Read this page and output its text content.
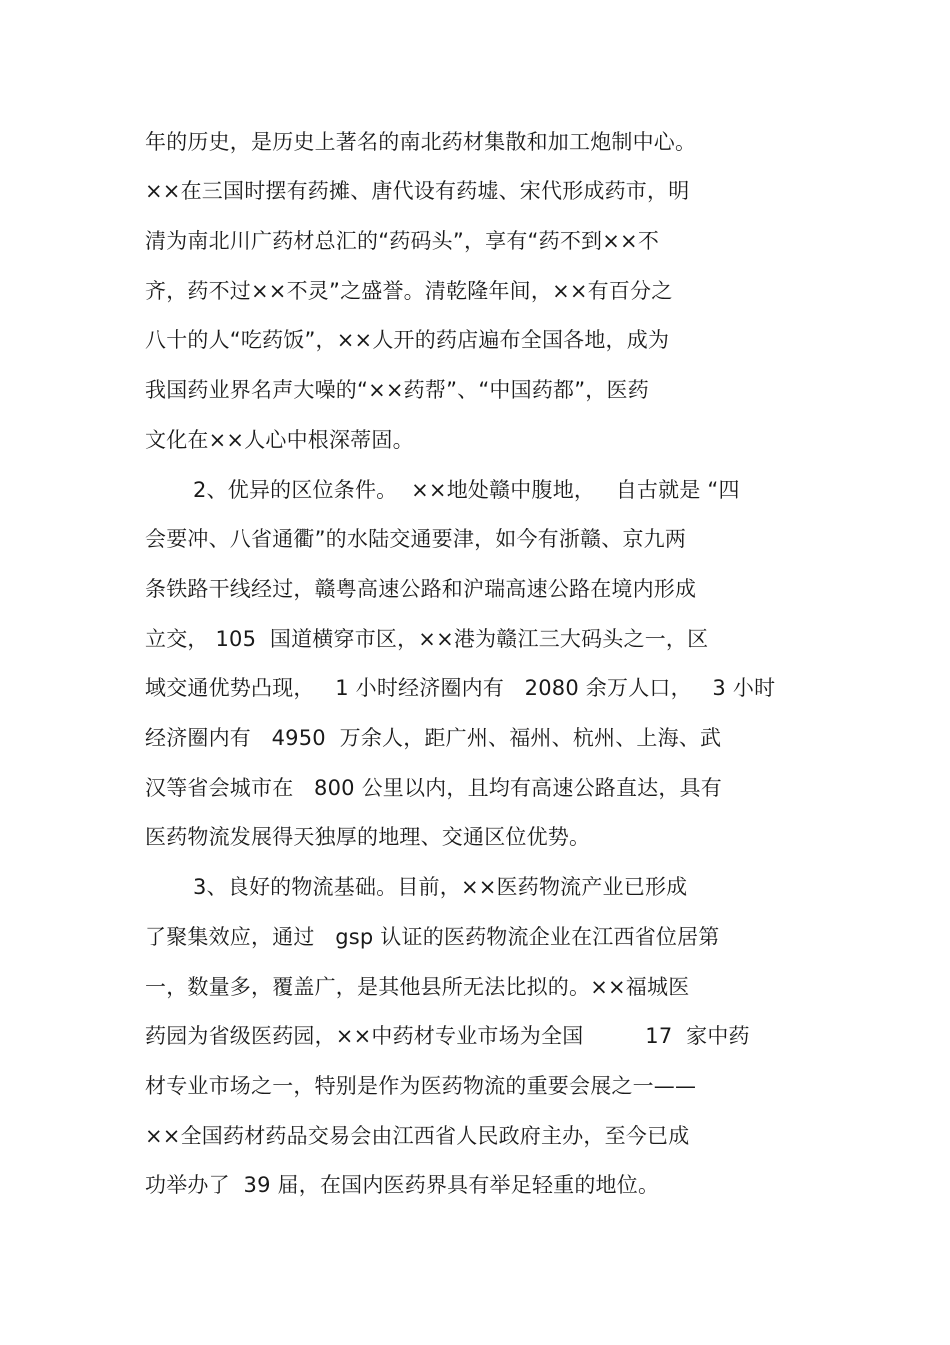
年的历史，是历史上著名的南北药材集散和加工炮制中心。
××在三国时摆有药摊、唐代设有药墟、宋代形成药市，明
清为南北川广药材总汇的“药码头”，享有“药不到××不
齐，药不过××不灵”之盛誉。清乾隆年间，××有百分之
八十的人“吃药饭”，××人开的药店遍布全国各地，成为
我国药业界名声大噪的“××药帮”、“中国药都”，医药
文化在××人心中根深蒂固。
2、优异的区位条件。  ××地处赣中腹地，   自古就是 “四
会要冲、八省通衢”的水陆交通要津，如今有浙赣、京九两
条铁路干线经过，赣粤高速公路和沪瑞高速公路在境内形成
立交， 105  国道横穿市区，××港为赣江三大码头之一，区
域交通优势凸现，   1 小时经济圈内有   2080 余万人口，   3 小时
经济圈内有   4950  万余人，距广州、福州、杭州、上海、武
汉等省会城市在   800 公里以内，且均有高速公路直达，具有
医药物流发展得天独厚的地理、交通区位优势。
3、良好的物流基础。目前，××医药物流产业已形成
了聚集效应，通过   gsp 认证的医药物流企业在江西省位居第
一，数量多，覆盖广，是其他县所无法比拟的。××福城医
药园为省级医药园，××中药材专业市场为全国         17  家中药
材专业市场之一，特别是作为医药物流的重要会展之一——
××全国药材药品交易会由江西省人民政府主办，至今已成
功举办了  39 届，在国内医药界具有举足轻重的地位。
